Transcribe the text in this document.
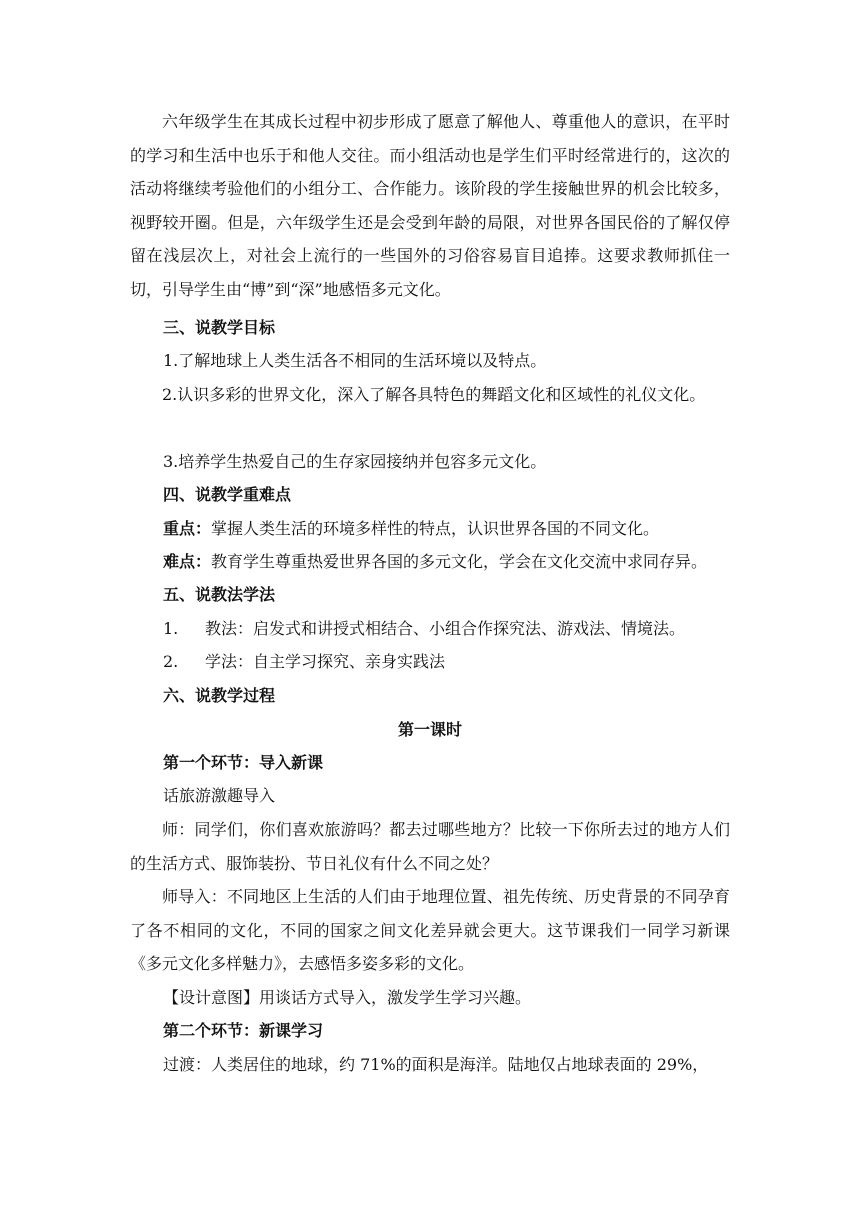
六年级学生在其成长过程中初步形成了愿意了解他人、尊重他人的意识，在平时的学习和生活中也乐于和他人交往。而小组活动也是学生们平时经常进行的，这次的活动将继续考验他们的小组分工、合作能力。该阶段的学生接触世界的机会比较多，视野较开圈。但是，六年级学生还是会受到年龄的局限，对世界各国民俗的了解仅停留在浅层次上，对社会上流行的一些国外的习俗容易盲目追捧。这要求教师抓住一切，引导学生由“博”到“深”地感悟多元文化。

三、说教学目标

1.了解地球上人类生活各不相同的生活环境以及特点。

2.认识多彩的世界文化，深入了解各具特色的舞蹈文化和区域性的礼仪文化。

3.培养学生热爱自己的生存家园接纳并包容多元文化。

四、说教学重难点

重点：掌握人类生活的环境多样性的特点，认识世界各国的不同文化。

难点：教育学生尊重热爱世界各国的多元文化，学会在文化交流中求同存异。

五、说教法学法

1. 教法：启发式和讲授式相结合、小组合作探究法、游戏法、情境法。

2. 学法：自主学习探究、亲身实践法

六、说教学过程

第一课时

第一个环节：导入新课

话旅游激趣导入

师：同学们，你们喜欢旅游吗？都去过哪些地方？比较一下你所去过的地方人们的生活方式、服饰装扮、节日礼仪有什么不同之处？

师导入：不同地区上生活的人们由于地理位置、祖先传统、历史背景的不同孕育了各不相同的文化，不同的国家之间文化差异就会更大。这节课我们一同学习新课《多元文化多样魅力》，去感悟多姿多彩的文化。

【设计意图】用谈话方式导入，激发学生学习兴趣。

第二个环节：新课学习

过渡：人类居住的地球，约 71%的面积是海洋。陆地仅占地球表面的 29%，
